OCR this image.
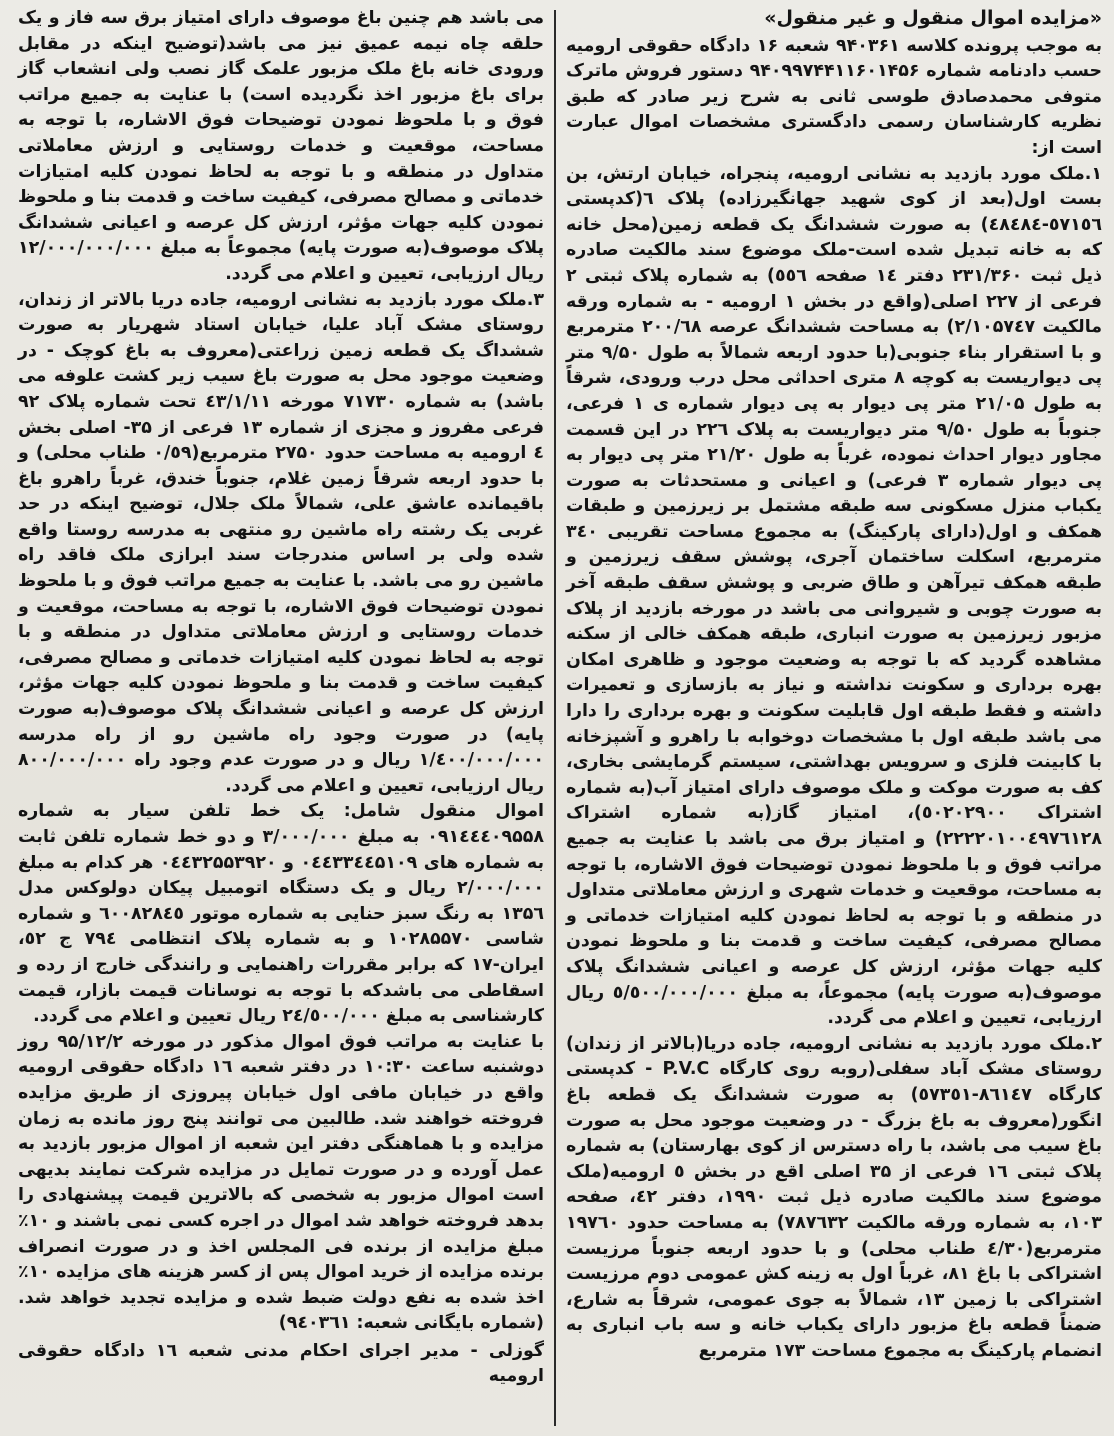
«مزایده اموال منقول و غیر منقول»

به موجب پرونده کلاسه ۹۴۰۳۶۱ شعبه ۱۶ دادگاه حقوقی ارومیه حسب دادنامه شماره ۹۴۰۹۹۷۴۴۱۱۶۰۱۴۵۶ دستور فروش ماترک متوفی محمدصادق طوسی ثانی به شرح زیر صادر که طبق نظریه کارشناسان رسمی دادگستری مشخصات اموال عبارت است از:

۱.ملک مورد بازدید به نشانی ارومیه، پنجراه، خیابان ارتش، بن بست اول(بعد از کوی شهید جهانگیرزاده) پلاک ٦(کدپستی ٥٧١٥٦-٤٨٤٨٤) به صورت ششدانگ یک قطعه زمین(محل خانه که به خانه تبدیل شده است-ملک موضوع سند مالکیت صادره ذیل ثبت ۲۳۱/۳۶۰ دفتر ١٤ صفحه ٥٥٦) به شماره پلاک ثبتی ۲ فرعی از ۲۲۷ اصلی(واقع در بخش ۱ ارومیه - به شماره ورقه مالکیت ۲/۱۰۵۷٤۷) به مساحت ششدانگ عرصه ۲۰۰/٦٨ مترمربع و با استقرار بناء جنوبی(با حدود اربعه شمالاً به طول ۹/۵۰ متر پی دیواریست به کوچه ۸ متری احداثی محل درب ورودی، شرقاً به طول ۲۱/۰۵ متر پی دیوار به پی دیوار شماره ی ۱ فرعی، جنوباً به طول ۹/۵۰ متر دیواریست به پلاک ۲۲٦ در این قسمت مجاور دیوار احداث نموده، غرباً به طول ۲۱/۲۰ متر پی دیوار به پی دیوار شماره ۳ فرعی) و اعیانی و مستحدثات به صورت یکباب منزل مسکونی سه طبقه مشتمل بر زیرزمین و طبقات همکف و اول(دارای پارکینگ) به مجموع مساحت تقریبی ۳٤۰ مترمربع، اسکلت ساختمان آجری، پوشش سقف زیرزمین و طبقه همکف تیرآهن و طاق ضربی و پوشش سقف طبقه آخر به صورت چوبی و شیروانی می باشد در مورخه بازدید از پلاک مزبور زیرزمین به صورت انباری، طبقه همکف خالی از سکنه مشاهده گردید که با توجه به وضعیت موجود و ظاهری امکان بهره برداری و سکونت نداشته و نیاز به بازسازی و تعمیرات داشته و فقط طبقه اول قابلیت سکونت و بهره برداری را دارا می باشد طبقه اول با مشخصات دوخوابه با راهرو و آشپزخانه با کابینت فلزی و سرویس بهداشتی، سیستم گرمایشی بخاری، کف به صورت موکت و ملک موصوف دارای امتیاز آب(به شماره اشتراک ٥٠٢٠٢٩٠٠)، امتیاز گاز(به شماره اشتراک ۲۲۲۲۰۱۰۰٤۹۷٦۱۲۸) و امتیاز برق می باشد با عنایت به جمیع مراتب فوق و با ملحوظ نمودن توضیحات فوق الاشاره، با توجه به مساحت، موقعیت و خدمات شهری و ارزش معاملاتی متداول در منطقه و با توجه به لحاظ نمودن کلیه امتیازات خدماتی و مصالح مصرفی، کیفیت ساخت و قدمت بنا و ملحوظ نمودن کلیه جهات مؤثر، ارزش کل عرصه و اعیانی ششدانگ پلاک موصوف(به صورت پایه) مجموعاً، به مبلغ ٥/٥٠٠/٠٠٠/٠٠٠ ریال ارزیابی، تعیین و اعلام می گردد.

۲.ملک مورد بازدید به نشانی ارومیه، جاده دریا(بالاتر از زندان) روستای مشک آباد سفلی(روبه روی کارگاه P.V.C - کدپستی کارگاه ۸٦۱٤٧-٥٧٣٥۱) به صورت ششدانگ یک قطعه باغ انگور(معروف به باغ بزرگ - در وضعیت موجود محل به صورت باغ سیب می باشد، با راه دسترس از کوی بهارستان) به شماره پلاک ثبتی ۱٦ فرعی از ۳۵ اصلی اقع در بخش ٥ ارومیه(ملک موضوع سند مالکیت صادره ذیل ثبت ۱۹۹۰، دفتر ٤۲، صفحه ۱۰۳، به شماره ورقه مالکیت ۷۸۷٦۳۲) به مساحت حدود ۱۹۷٦۰ مترمربع(٤/۳۰ طناب محلی) و با حدود اربعه جنوباً مرزیست اشتراکی با باغ ۸۱، غرباً اول به زینه کش عمومی دوم مرزیست اشتراکی با زمین ۱۳، شمالاً به جوی عمومی، شرقاً به شارع، ضمناً قطعه باغ مزبور دارای یکباب خانه و سه باب انباری به انضمام پارکینگ به مجموع مساحت ۱۷۳ مترمربع

می باشد هم چنین باغ موصوف دارای امتیاز برق سه فاز و یک حلقه چاه نیمه عمیق نیز می باشد(توضیح اینکه در مقابل ورودی خانه باغ ملک مزبور علمک گاز نصب ولی انشعاب گاز برای باغ مزبور اخذ نگردیده است) با عنایت به جمیع مراتب فوق و با ملحوظ نمودن توضیحات فوق الاشاره، با توجه به مساحت، موقعیت و خدمات روستایی و ارزش معاملاتی متداول در منطقه و با توجه به لحاظ نمودن کلیه امتیازات خدماتی و مصالح مصرفی، کیفیت ساخت و قدمت بنا و ملحوظ نمودن کلیه جهات مؤثر، ارزش کل عرصه و اعیانی ششدانگ پلاک موصوف(به صورت پایه) مجموعاً به مبلغ ۱۲/۰۰۰/۰۰۰/۰۰۰ ریال ارزیابی، تعیین و اعلام می گردد.

۳.ملک مورد بازدید به نشانی ارومیه، جاده دریا بالاتر از زندان، روستای مشک آباد علیا، خیابان استاد شهریار به صورت ششداگ یک قطعه زمین زراعتی(معروف به باغ کوچک - در وضعیت موجود محل به صورت باغ سیب زیر کشت علوفه می باشد) به شماره ۷۱۷۳۰ مورخه ٤۳/۱/۱۱ تحت شماره پلاک ۹۲ فرعی مفروز و مجزی از شماره ۱۳ فرعی از ۳۵- اصلی بخش ٤ ارومیه به مساحت حدود ۲۷۵۰ مترمربع(۰/٥۹ طناب محلی) و با حدود اربعه شرقاً زمین غلام، جنوباً خندق، غرباً راهرو باغ باقیمانده عاشق علی، شمالاً ملک جلال، توضیح اینکه در حد غربی یک رشته راه ماشین رو منتهی به مدرسه روستا واقع شده ولی بر اساس مندرجات سند ابرازی ملک فاقد راه ماشین رو می باشد. با عنایت به جمیع مراتب فوق و با ملحوظ نمودن توضیحات فوق الاشاره، با توجه به مساحت، موقعیت و خدمات روستایی و ارزش معاملاتی متداول در منطقه و با توجه به لحاظ نمودن کلیه امتیازات خدماتی و مصالح مصرفی، کیفیت ساخت و قدمت بنا و ملحوظ نمودن کلیه جهات مؤثر، ارزش کل عرصه و اعیانی ششدانگ پلاک موصوف(به صورت پایه) در صورت وجود راه ماشین رو از راه مدرسه ۱/٤۰۰/۰۰۰/۰۰۰ ریال و در صورت عدم وجود راه ۸۰۰/۰۰۰/۰۰۰ ریال ارزیابی، تعیین و اعلام می گردد.

اموال منقول شامل: یک خط تلفن سیار به شماره ۰۹۱٤٤٤۰۹۵۵۸ به مبلغ ۳/۰۰۰/۰۰۰ و دو خط شماره تلفن ثابت به شماره های ۰٤٤۳۳٤٤۵۱۰۹ و ۰٤٤۳۲۵۵۳۹۲۰ هر کدام به مبلغ ۲/۰۰۰/۰۰۰ ریال و یک دستگاه اتومبیل پیکان دولوکس مدل ۱۳۵٦ به رنگ سبز حنایی به شماره موتور ٦۰۰۸۲۸٤٥ و شماره شاسی ۱۰۲۸۵۵۷۰ و به شماره پلاک انتظامی ۷۹٤ ج ٥۲، ایران-۱۷ که برابر مقررات راهنمایی و رانندگی خارج از رده و اسقاطی می باشدکه با توجه به نوسانات قیمت بازار، قیمت کارشناسی به مبلغ ۲٤/٥۰۰/۰۰۰ ریال تعیین و اعلام می گردد.

با عنایت به مراتب فوق اموال مذکور در مورخه ۹۵/۱۲/۲ روز دوشنبه ساعت ۱۰:۳۰ در دفتر شعبه ۱٦ دادگاه حقوقی ارومیه واقع در خیابان مافی اول خیابان پیروزی از طریق مزایده فروخته خواهند شد. طالبین می توانند پنج روز مانده به زمان مزایده و با هماهنگی دفتر این شعبه از اموال مزبور بازدید به عمل آورده و در صورت تمایل در مزایده شرکت نمایند بدیهی است اموال مزبور به شخصی که بالاترین قیمت پیشنهادی را بدهد فروخته خواهد شد اموال در اجره کسی نمی باشند و ۱۰٪ مبلغ مزایده از برنده فی المجلس اخذ و در صورت انصراف برنده مزایده از خرید اموال پس از کسر هزینه های مزایده ۱۰٪ اخذ شده به نفع دولت ضبط شده و مزایده تجدید خواهد شد.(شماره بایگانی شعبه: ۹٤۰۳٦۱)

گوزلی - مدیر اجرای احکام مدنی شعبه ۱٦ دادگاه حقوقی ارومیه
